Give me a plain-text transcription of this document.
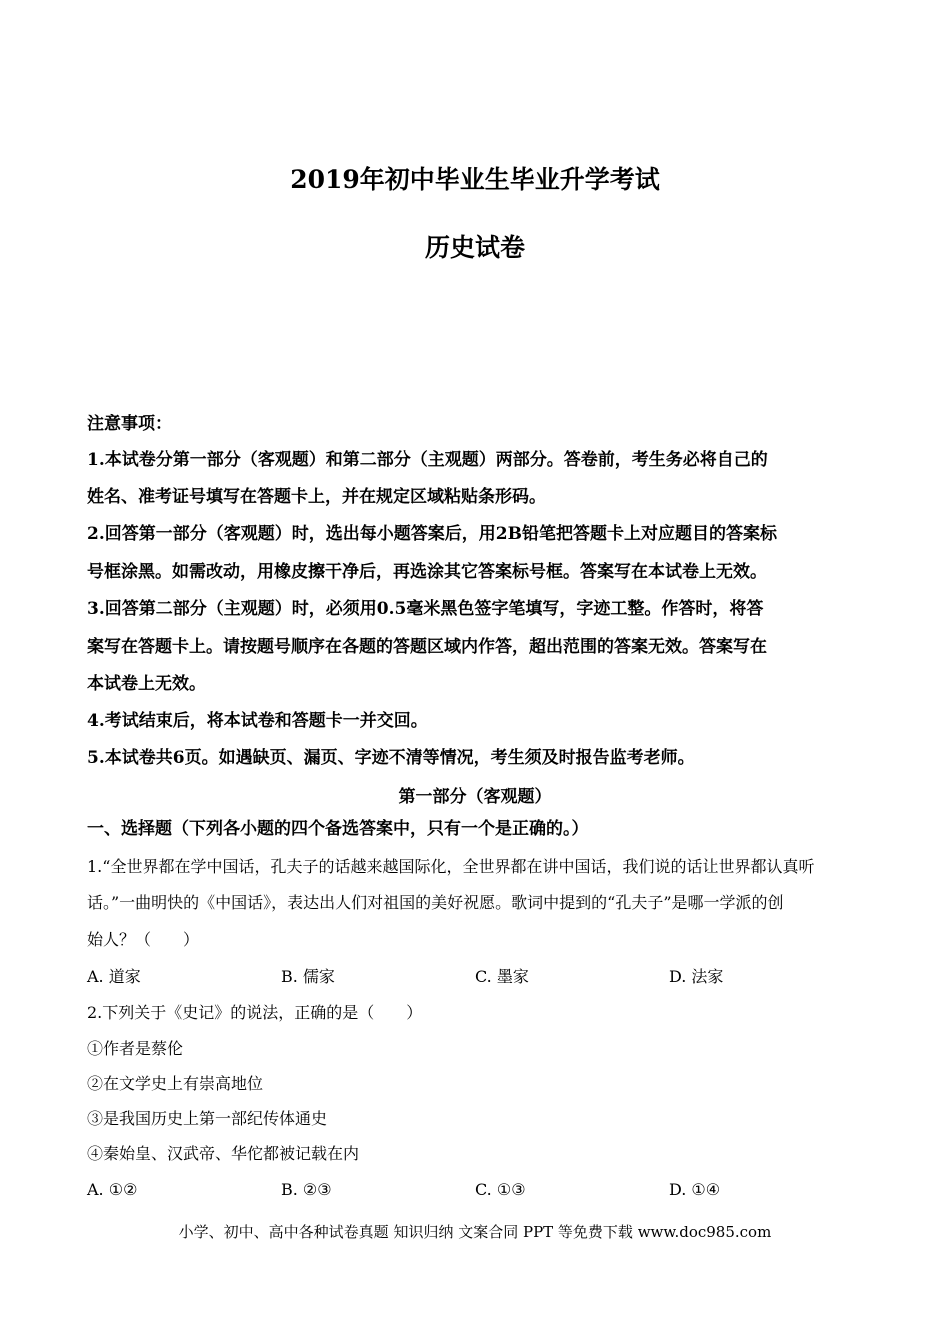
2019年初中毕业生毕业升学考试
历史试卷
注意事项：
1.本试卷分第一部分（客观题）和第二部分（主观题）两部分。答卷前，考生务必将自己的
姓名、准考证号填写在答题卡上，并在规定区域粘贴条形码。
2.回答第一部分（客观题）时，选出每小题答案后，用2B铅笔把答题卡上对应题目的答案标
号框涂黑。如需改动，用橡皮擦干净后，再选涂其它答案标号框。答案写在本试卷上无效。
3.回答第二部分（主观题）时，必须用0.5毫米黑色签字笔填写，字迹工整。作答时，将答
案写在答题卡上。请按题号顺序在各题的答题区域内作答，超出范围的答案无效。答案写在
本试卷上无效。
4.考试结束后，将本试卷和答题卡一并交回。
5.本试卷共6页。如遇缺页、漏页、字迹不清等情况，考生须及时报告监考老师。
第一部分（客观题）
一、选择题（下列各小题的四个备选答案中，只有一个是正确的。）
1.“全世界都在学中国话，孔夫子的话越来越国际化，全世界都在讲中国话，我们说的话让世界都认真听
话。”一曲明快的《中国话》，表达出人们对祖国的美好祝愿。歌词中提到的“孔夫子”是哪一学派的创
始人？（　　）
A. 道家	B. 儒家	C. 墨家	D. 法家
2.下列关于《史记》的说法，正确的是（　　）
①作者是蔡伦
②在文学史上有崇高地位
③是我国历史上第一部纪传体通史
④秦始皇、汉武帝、华佗都被记载在内
A. ①②	B. ②③	C. ①③	D. ①④
小学、初中、高中各种试卷真题 知识归纳 文案合同 PPT 等免费下载 www.doc985.com
